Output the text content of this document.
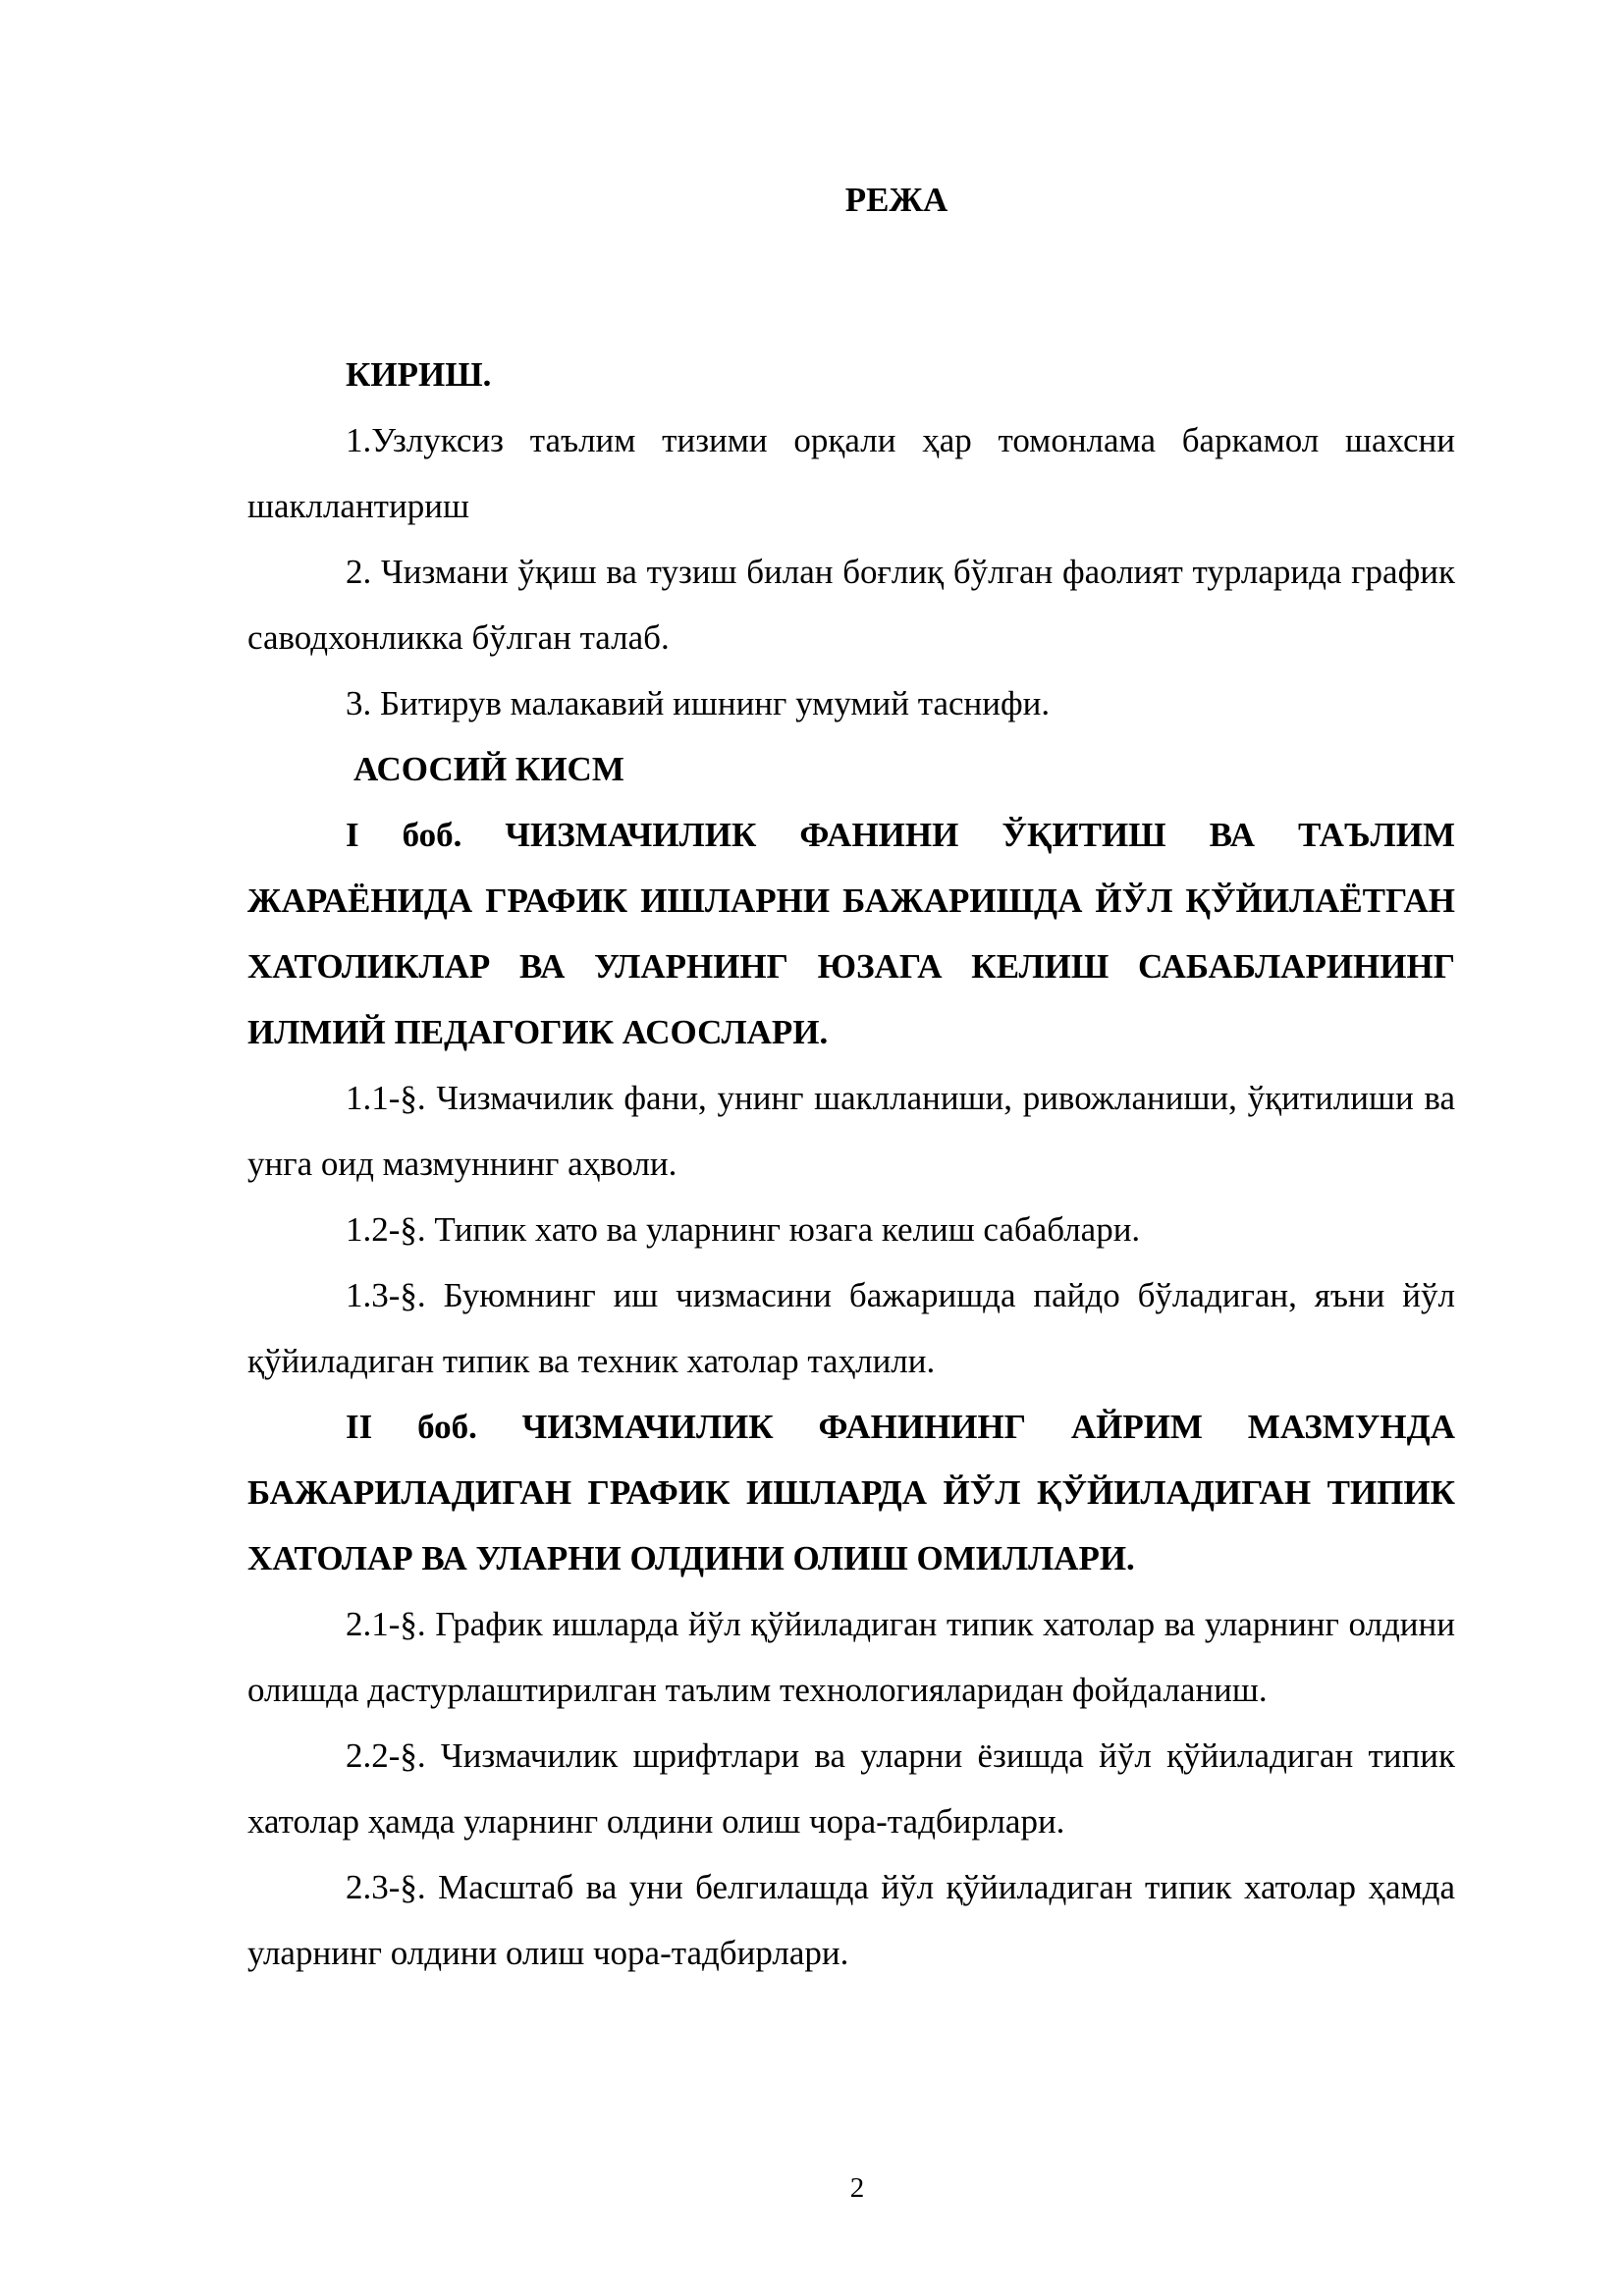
РЕЖА

КИРИШ.

1.Узлуксиз таълим тизими орқали ҳар томонлама баркамол шахсни шакллантириш

2. Чизмани ўқиш ва тузиш билан боғлиқ бўлган фаолият турларида график саводхонликка бўлган талаб.

3. Битирув малакавий ишнинг умумий таснифи.

АСОСИЙ КИСМ

I боб. ЧИЗМАЧИЛИК ФАНИНИ ЎҚИТИШ ВА ТАЪЛИМ ЖАРАЁНИДА ГРАФИК ИШЛАРНИ БАЖАРИШДА ЙЎЛ ҚЎЙИЛАЁТГАН ХАТОЛИКЛАР ВА УЛАРНИНГ ЮЗАГА КЕЛИШ САБАБЛАРИНИНГ ИЛМИЙ ПЕДАГОГИК АСОСЛАРИ.

1.1-§. Чизмачилик фани, унинг шаклланиши, ривожланиши, ўқитилиши ва унга оид мазмуннинг аҳволи.

1.2-§. Типик хато ва уларнинг юзага келиш сабаблари.

1.3-§. Буюмнинг иш чизмасини бажаришда пайдо бўладиган, яъни йўл қўйиладиган типик ва техник хатолар таҳлили.

II боб. ЧИЗМАЧИЛИК ФАНИНИНГ АЙРИМ МАЗМУНДА БАЖАРИЛАДИГАН ГРАФИК ИШЛАРДА ЙЎЛ ҚЎЙИЛАДИГАН ТИПИК ХАТОЛАР ВА УЛАРНИ ОЛДИНИ ОЛИШ ОМИЛЛАРИ.

2.1-§. График ишларда йўл қўйиладиган типик хатолар ва уларнинг олдини олишда дастурлаштирилган таълим технологияларидан фойдаланиш.

2.2-§. Чизмачилик шрифтлари ва уларни ёзишда йўл қўйиладиган типик хатолар ҳамда уларнинг олдини олиш чора-тадбирлари.

2.3-§. Масштаб ва уни белгилашда йўл қўйиладиган типик хатолар ҳамда уларнинг олдини олиш чора-тадбирлари.

2
